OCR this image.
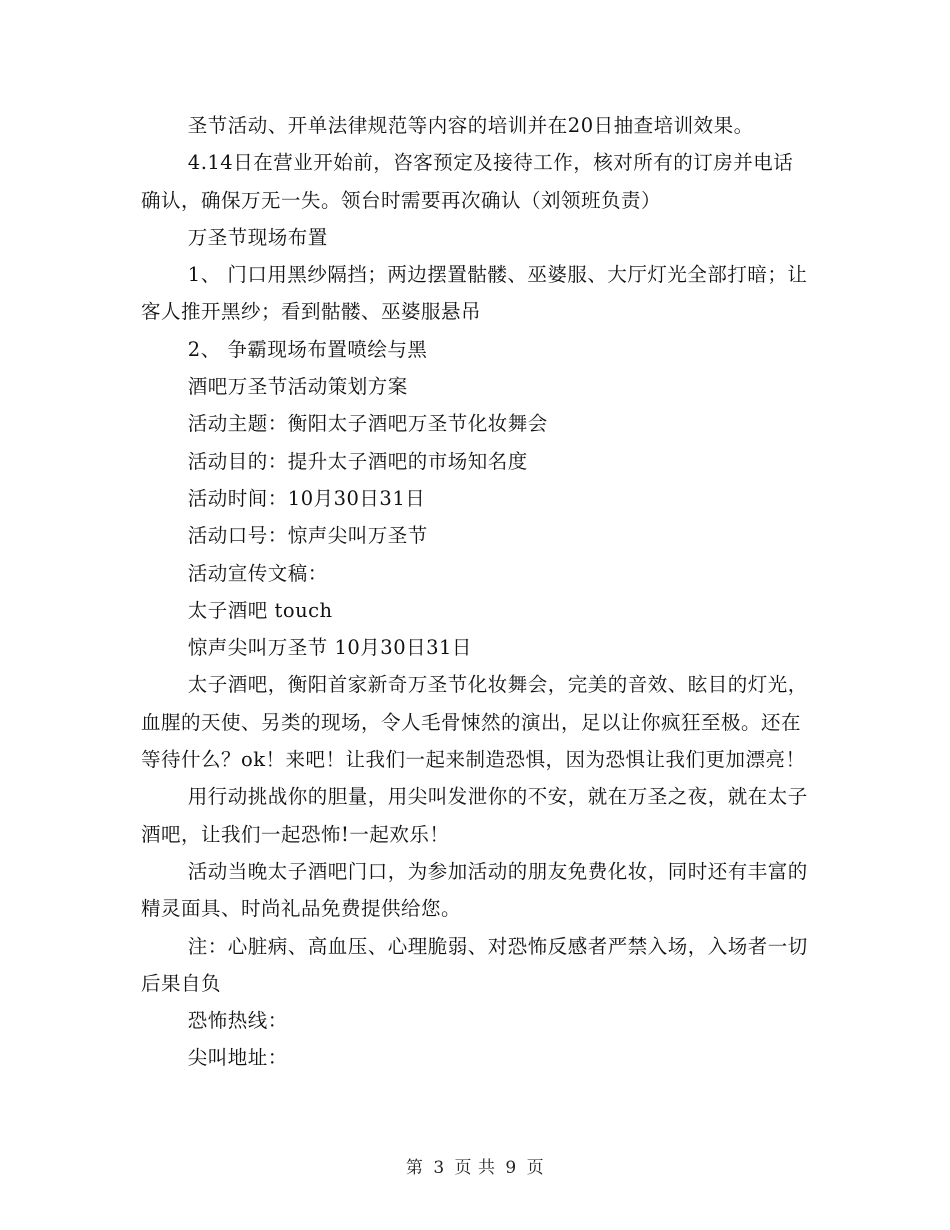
圣节活动、开单法律规范等内容的培训并在20日抽查培训效果。

4.14日在营业开始前，咨客预定及接待工作，核对所有的订房并电话确认，确保万无一失。领台时需要再次确认（刘领班负责）

万圣节现场布置

1、 门口用黑纱隔挡；两边摆置骷髅、巫婆服、大厅灯光全部打暗；让客人推开黑纱；看到骷髅、巫婆服悬吊

2、 争霸现场布置喷绘与黑

酒吧万圣节活动策划方案

活动主题：衡阳太子酒吧万圣节化妆舞会

活动目的：提升太子酒吧的市场知名度

活动时间：10月30日31日

活动口号：惊声尖叫万圣节

活动宣传文稿：

太子酒吧 touch

惊声尖叫万圣节 10月30日31日

太子酒吧，衡阳首家新奇万圣节化妆舞会，完美的音效、眩目的灯光，血腥的天使、另类的现场，令人毛骨悚然的演出，足以让你疯狂至极。还在等待什么？ok！来吧！让我们一起来制造恐惧，因为恐惧让我们更加漂亮！

用行动挑战你的胆量，用尖叫发泄你的不安，就在万圣之夜，就在太子酒吧，让我们一起恐怖!一起欢乐！

活动当晚太子酒吧门口，为参加活动的朋友免费化妆，同时还有丰富的精灵面具、时尚礼品免费提供给您。

注：心脏病、高血压、心理脆弱、对恐怖反感者严禁入场，入场者一切后果自负

恐怖热线：

尖叫地址：

第 3 页 共 9 页
